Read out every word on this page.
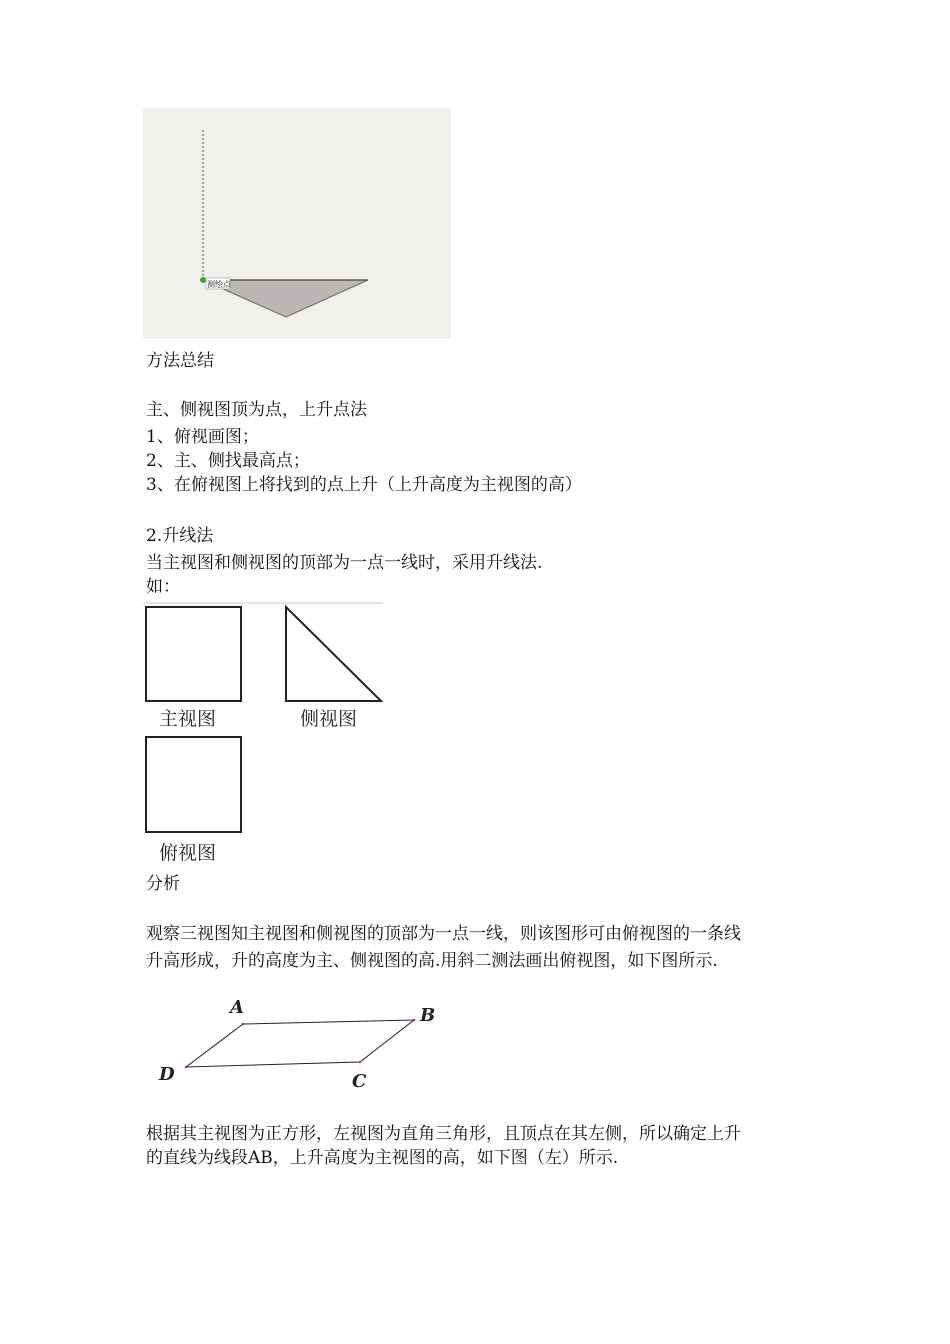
测绘点
方法总结
主、侧视图顶为点，上升点法
1、俯视画图；
2、主、侧找最高点；
3、在俯视图上将找到的点上升（上升高度为主视图的高）
2.升线法
当主视图和侧视图的顶部为一点一线时，采用升线法.
如：
主视图	侧视图
俯视图
分析
观察三视图知主视图和侧视图的顶部为一点一线，则该图形可由俯视图的一条线
升高形成，升的高度为主、侧视图的高.用斜二测法画出俯视图，如下图所示.
A	B
C
D
根据其主视图为正方形，左视图为直角三角形，且顶点在其左侧，所以确定上升
的直线为线段AB，上升高度为主视图的高，如下图（左）所示.
